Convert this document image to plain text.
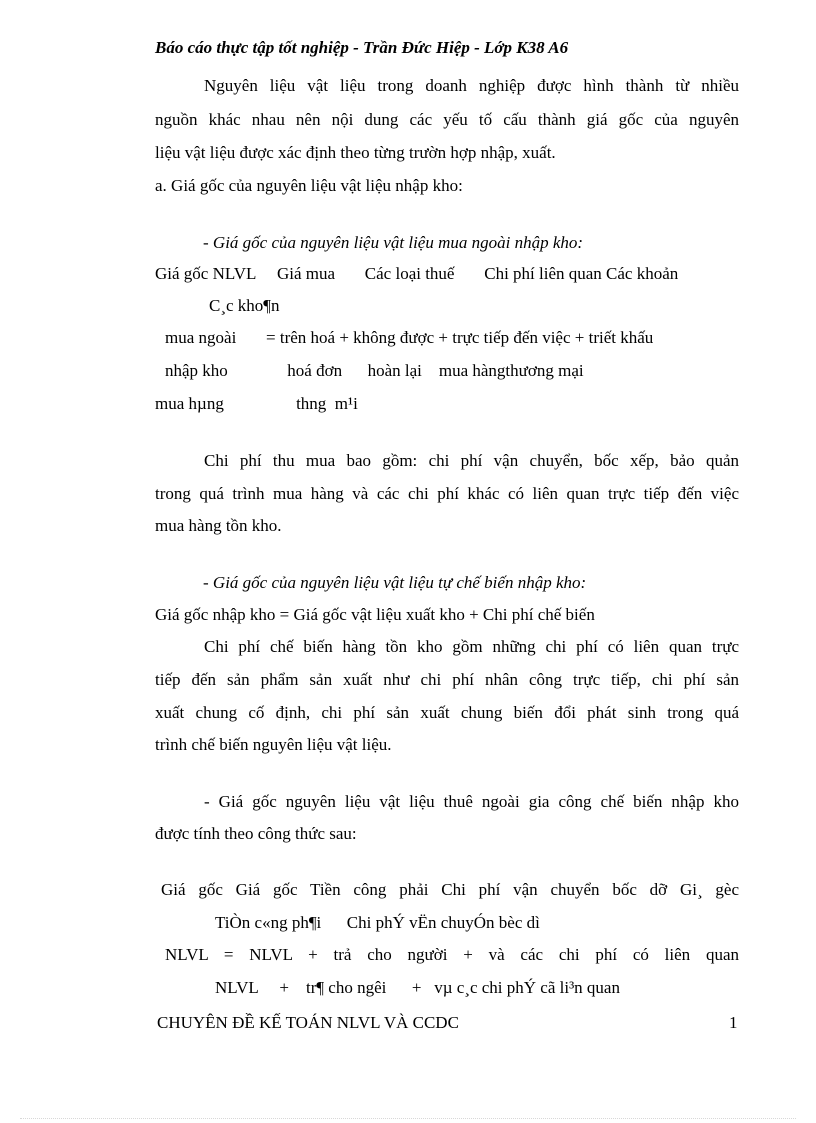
Báo cáo thực tập tốt nghiệp - Trần Đức Hiệp - Lớp K38 A6
Nguyên liệu vật liệu trong doanh nghiệp được hình thành từ nhiều
nguồn khác nhau nên nội dung các yếu tố cấu thành giá gốc của nguyên
liệu vật liệu được xác định theo từng trườn hợp nhập, xuất.
a. Giá gốc của nguyên liệu vật liệu nhập kho:
- Giá gốc của nguyên liệu vật liệu mua ngoài nhập kho:
Giá gốc NLVL     Giá mua       Các loại thuế       Chi phí liên quan Các khoản
C¸c kho¶n
mua ngoài       = trên hoá + không được + trực tiếp đến việc + triết khấu
nhập kho              hoá đơn      hoàn lại    mua hàngthương mại
mua hµng                 thng  m¹i
Chi phí thu mua bao gồm: chi phí vận chuyển, bốc xếp, bảo quản
trong quá trình mua hàng và các chi phí khác có liên quan trực tiếp đến việc
mua hàng tồn kho.
- Giá gốc của nguyên liệu vật liệu tự chế biến nhập kho:
Giá gốc nhập kho = Giá gốc vật liệu xuất kho + Chi phí chế biến
Chi phí chế biến hàng tồn kho gồm những chi phí có liên quan trực
tiếp đến sản phẩm sản xuất như chi phí nhân công trực tiếp, chi phí sản
xuất chung cố định, chi phí sản xuất chung biến đổi phát sinh trong quá
trình chế biến nguyên liệu vật liệu.
- Giá gốc nguyên liệu vật liệu thuê ngoài gia công chế biến nhập kho
được tính theo công thức sau:
Giá gốc Giá gốc Tiền công phải Chi phí vận chuyển bốc dỡ Gi¸ gèc
TiÒn c«ng ph¶i      Chi phÝ vËn chuyÓn bèc dì
NLVL = NLVL + trả cho người + và các chi phí có liên quan
NLVL     +    tr¶ cho ngêi      +   vµ c¸c chi phÝ cã li³n quan
CHUYÊN ĐỀ KẾ TOÁN NLVL VÀ CCDC	1
